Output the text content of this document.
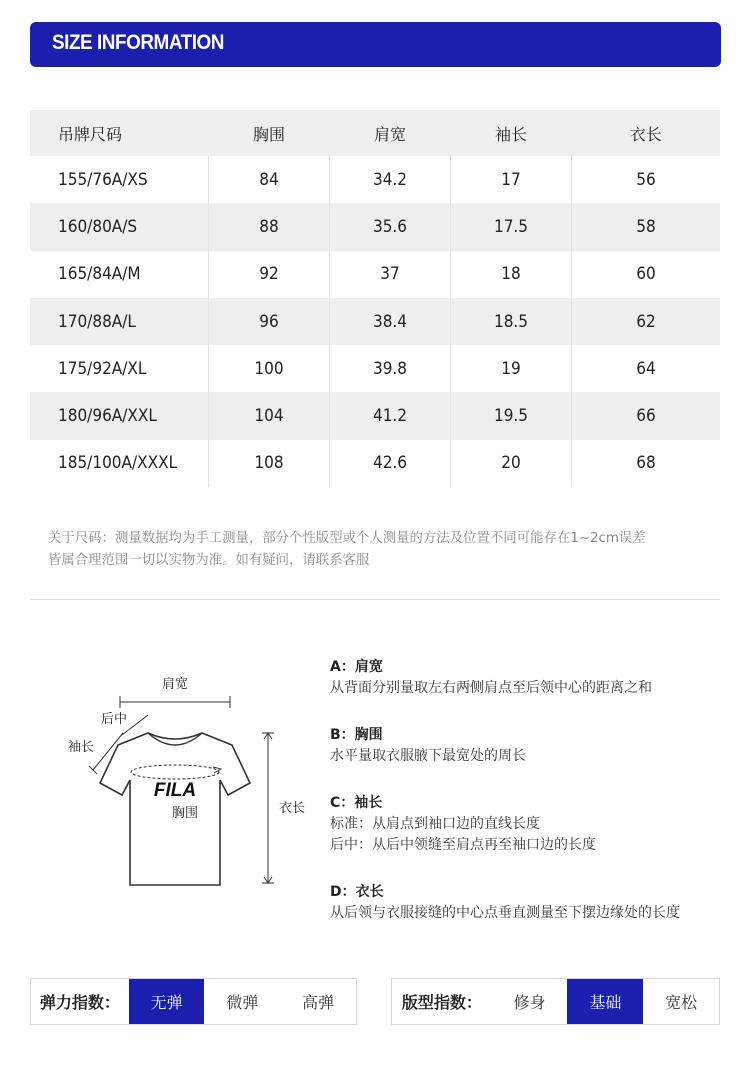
SIZE INFORMATION
吊牌尺码	胸围	肩宽	袖长	衣长
155/76A/XS	84	34.2	17	56
160/80A/S	88	35.6	17.5	58
165/84A/M	92	37	18	60
170/88A/L	96	38.4	18.5	62
175/92A/XL	100	39.8	19	64
180/96A/XXL	104	41.2	19.5	66
185/100A/XXXL	108	42.6	20	68
关于尺码：测量数据均为手工测量，部分个性版型或个人测量的方法及位置不同可能存在1~2cm误差
皆属合理范围一切以实物为准。如有疑问，请联系客服
肩宽
后中
袖长
FILA
胸围	衣长
A：肩宽
从背面分别量取左右两侧肩点至后领中心的距离之和
B：胸围
水平量取衣服腋下最宽处的周长
C：袖长
标准：从肩点到袖口边的直线长度
后中：从后中领缝至肩点再至袖口边的长度
D：衣长
从后领与衣服接缝的中心点垂直测量至下摆边缘处的长度
弹力指数：	无弹	微弹	高弹	版型指数：	修身	基础	宽松
